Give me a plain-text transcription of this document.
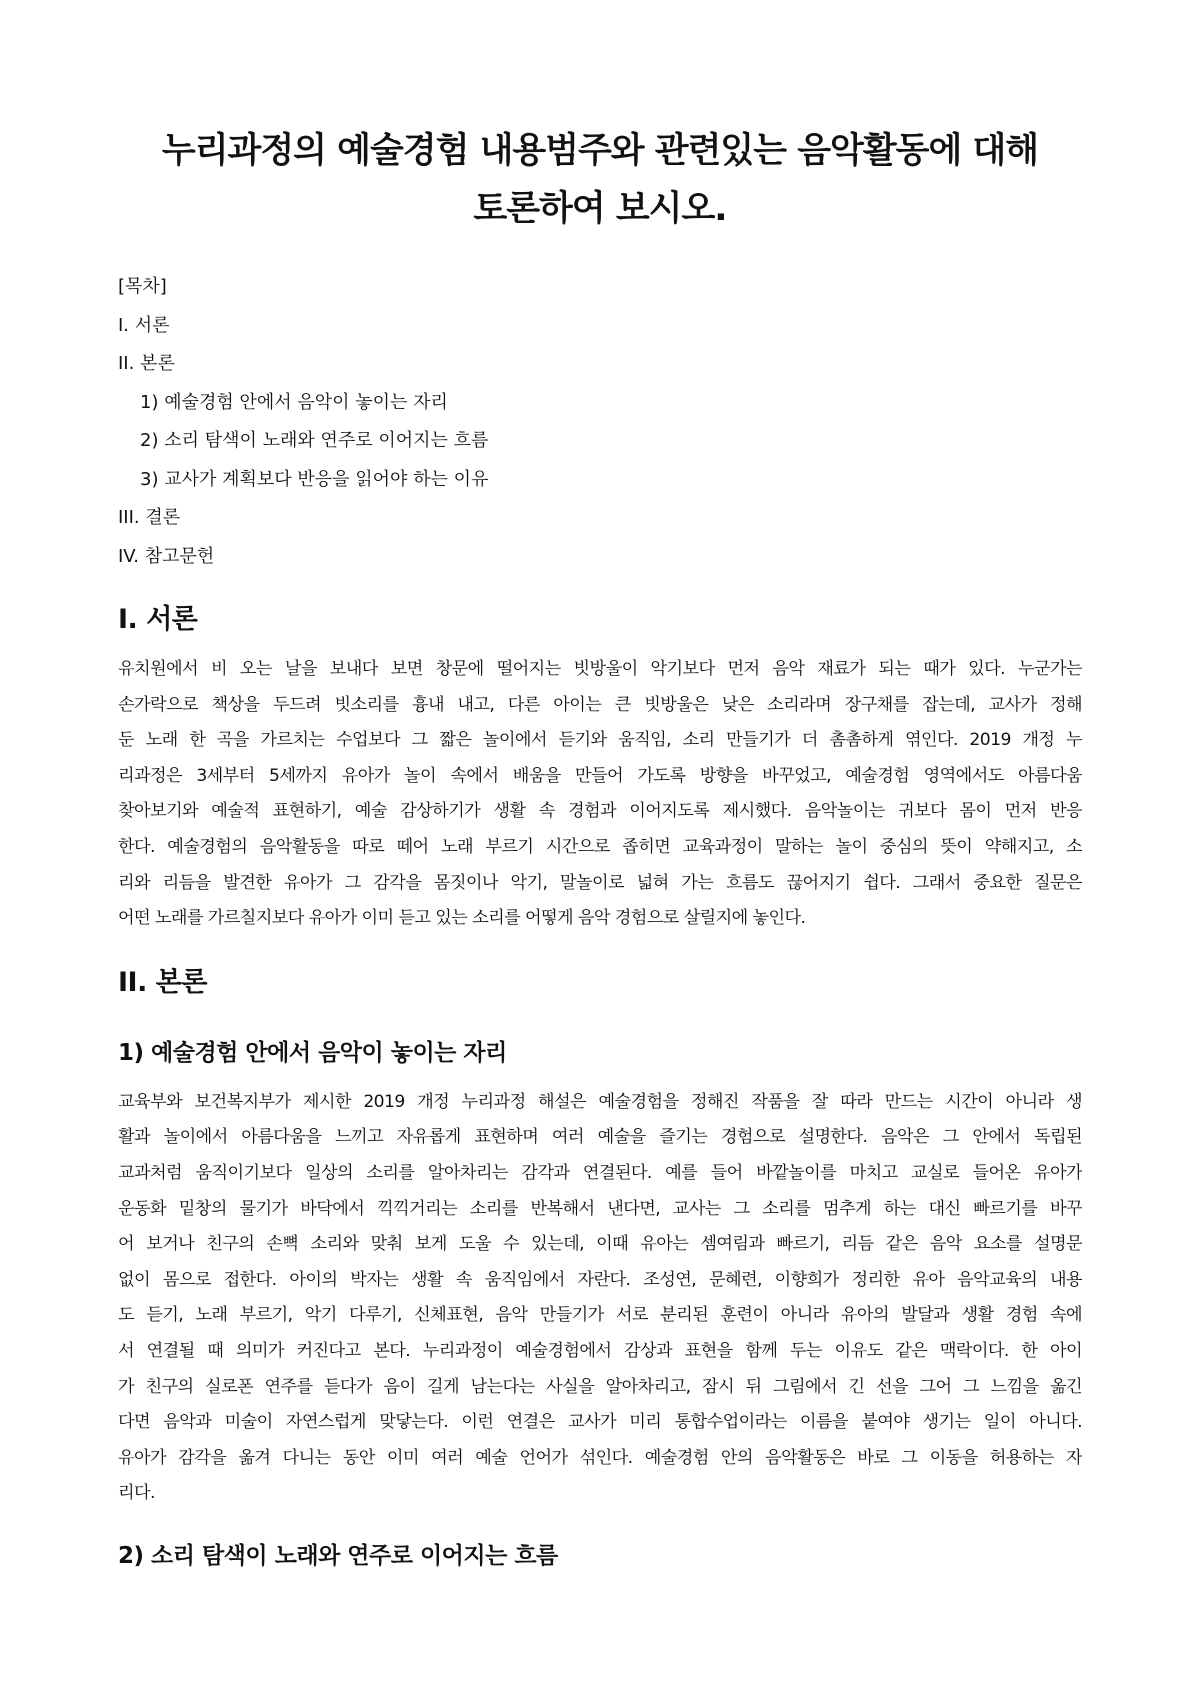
누리과정의 예술경험 내용범주와 관련있는 음악활동에 대해 토론하여 보시오.
[목차]
I. 서론
II. 본론
1) 예술경험 안에서 음악이 놓이는 자리
2) 소리 탐색이 노래와 연주로 이어지는 흐름
3) 교사가 계획보다 반응을 읽어야 하는 이유
III. 결론
IV. 참고문헌
I. 서론
유치원에서 비 오는 날을 보내다 보면 창문에 떨어지는 빗방울이 악기보다 먼저 음악 재료가 되는 때가 있다. 누군가는
손가락으로 책상을 두드려 빗소리를 흉내 내고, 다른 아이는 큰 빗방울은 낮은 소리라며 장구채를 잡는데, 교사가 정해
둔 노래 한 곡을 가르치는 수업보다 그 짧은 놀이에서 듣기와 움직임, 소리 만들기가 더 촘촘하게 엮인다. 2019 개정 누
리과정은 3세부터 5세까지 유아가 놀이 속에서 배움을 만들어 가도록 방향을 바꾸었고, 예술경험 영역에서도 아름다움
찾아보기와 예술적 표현하기, 예술 감상하기가 생활 속 경험과 이어지도록 제시했다. 음악놀이는 귀보다 몸이 먼저 반응
한다. 예술경험의 음악활동을 따로 떼어 노래 부르기 시간으로 좁히면 교육과정이 말하는 놀이 중심의 뜻이 약해지고, 소
리와 리듬을 발견한 유아가 그 감각을 몸짓이나 악기, 말놀이로 넓혀 가는 흐름도 끊어지기 쉽다. 그래서 중요한 질문은
어떤 노래를 가르칠지보다 유아가 이미 듣고 있는 소리를 어떻게 음악 경험으로 살릴지에 놓인다.
II. 본론
1) 예술경험 안에서 음악이 놓이는 자리
교육부와 보건복지부가 제시한 2019 개정 누리과정 해설은 예술경험을 정해진 작품을 잘 따라 만드는 시간이 아니라 생
활과 놀이에서 아름다움을 느끼고 자유롭게 표현하며 여러 예술을 즐기는 경험으로 설명한다. 음악은 그 안에서 독립된
교과처럼 움직이기보다 일상의 소리를 알아차리는 감각과 연결된다. 예를 들어 바깥놀이를 마치고 교실로 들어온 유아가
운동화 밑창의 물기가 바닥에서 끽끽거리는 소리를 반복해서 낸다면, 교사는 그 소리를 멈추게 하는 대신 빠르기를 바꾸
어 보거나 친구의 손뼉 소리와 맞춰 보게 도울 수 있는데, 이때 유아는 셈여림과 빠르기, 리듬 같은 음악 요소를 설명문
없이 몸으로 접한다. 아이의 박자는 생활 속 움직임에서 자란다. 조성연, 문혜련, 이향희가 정리한 유아 음악교육의 내용
도 듣기, 노래 부르기, 악기 다루기, 신체표현, 음악 만들기가 서로 분리된 훈련이 아니라 유아의 발달과 생활 경험 속에
서 연결될 때 의미가 커진다고 본다. 누리과정이 예술경험에서 감상과 표현을 함께 두는 이유도 같은 맥락이다. 한 아이
가 친구의 실로폰 연주를 듣다가 음이 길게 남는다는 사실을 알아차리고, 잠시 뒤 그림에서 긴 선을 그어 그 느낌을 옮긴
다면 음악과 미술이 자연스럽게 맞닿는다. 이런 연결은 교사가 미리 통합수업이라는 이름을 붙여야 생기는 일이 아니다.
유아가 감각을 옮겨 다니는 동안 이미 여러 예술 언어가 섞인다. 예술경험 안의 음악활동은 바로 그 이동을 허용하는 자
리다.
2) 소리 탐색이 노래와 연주로 이어지는 흐름
